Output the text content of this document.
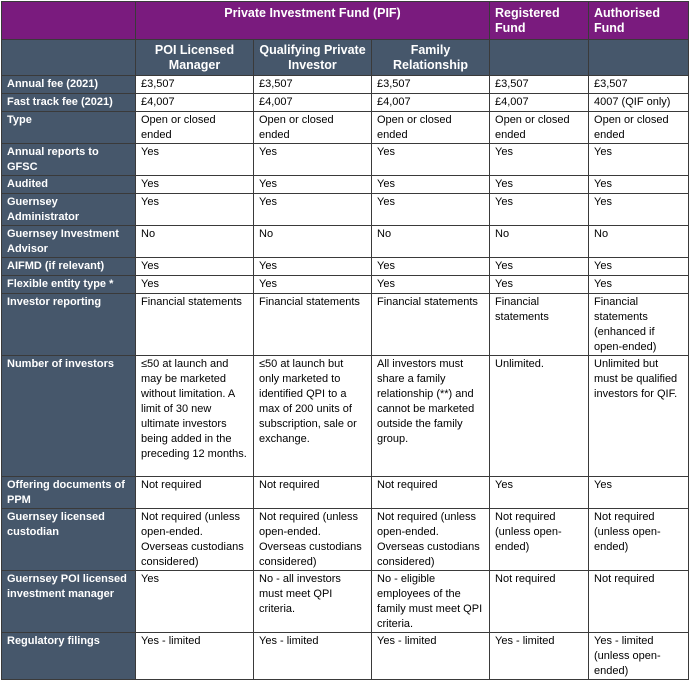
	Private Investment Fund (PIF)			Registered Fund	Authorised Fund
	POI Licensed Manager	Qualifying Private Investor	Family Relationship		
Annual fee (2021)	£3,507	£3,507	£3,507	£3,507	£3,507
Fast track fee (2021)	£4,007	£4,007	£4,007	£4,007	4007 (QIF only)
Type	Open or closed ended	Open or closed ended	Open or closed ended	Open or closed ended	Open or closed ended
Annual reports to GFSC	Yes	Yes	Yes	Yes	Yes
Audited	Yes	Yes	Yes	Yes	Yes
Guernsey Administrator	Yes	Yes	Yes	Yes	Yes
Guernsey Investment Advisor	No	No	No	No	No
AIFMD (if relevant)	Yes	Yes	Yes	Yes	Yes
Flexible entity type *	Yes	Yes	Yes	Yes	Yes
Investor reporting	Financial statements	Financial statements	Financial statements	Financial statements	Financial statements (enhanced if open-ended)
Number of investors	≤50 at launch and may be marketed without limitation. A limit of 30 new ultimate investors being added in the preceding 12 months.	≤50 at launch but only marketed to identified QPI to a max of 200 units of subscription, sale or exchange.	All investors must share a family relationship (**) and cannot be marketed outside the family group.	Unlimited.	Unlimited but must be qualified investors for QIF.
Offering documents of PPM	Not required	Not required	Not required	Yes	Yes
Guernsey licensed custodian	Not required (unless open-ended. Overseas custodians considered)	Not required (unless open-ended. Overseas custodians considered)	Not required (unless open-ended. Overseas custodians considered)	Not required (unless open-ended)	Not required (unless open-ended)
Guernsey POI licensed investment manager	Yes	No - all investors must meet QPI criteria.	No - eligible employees of the family must meet QPI criteria.	Not required	Not required
Regulatory filings	Yes - limited	Yes - limited	Yes - limited	Yes - limited	Yes - limited (unless open-ended)
